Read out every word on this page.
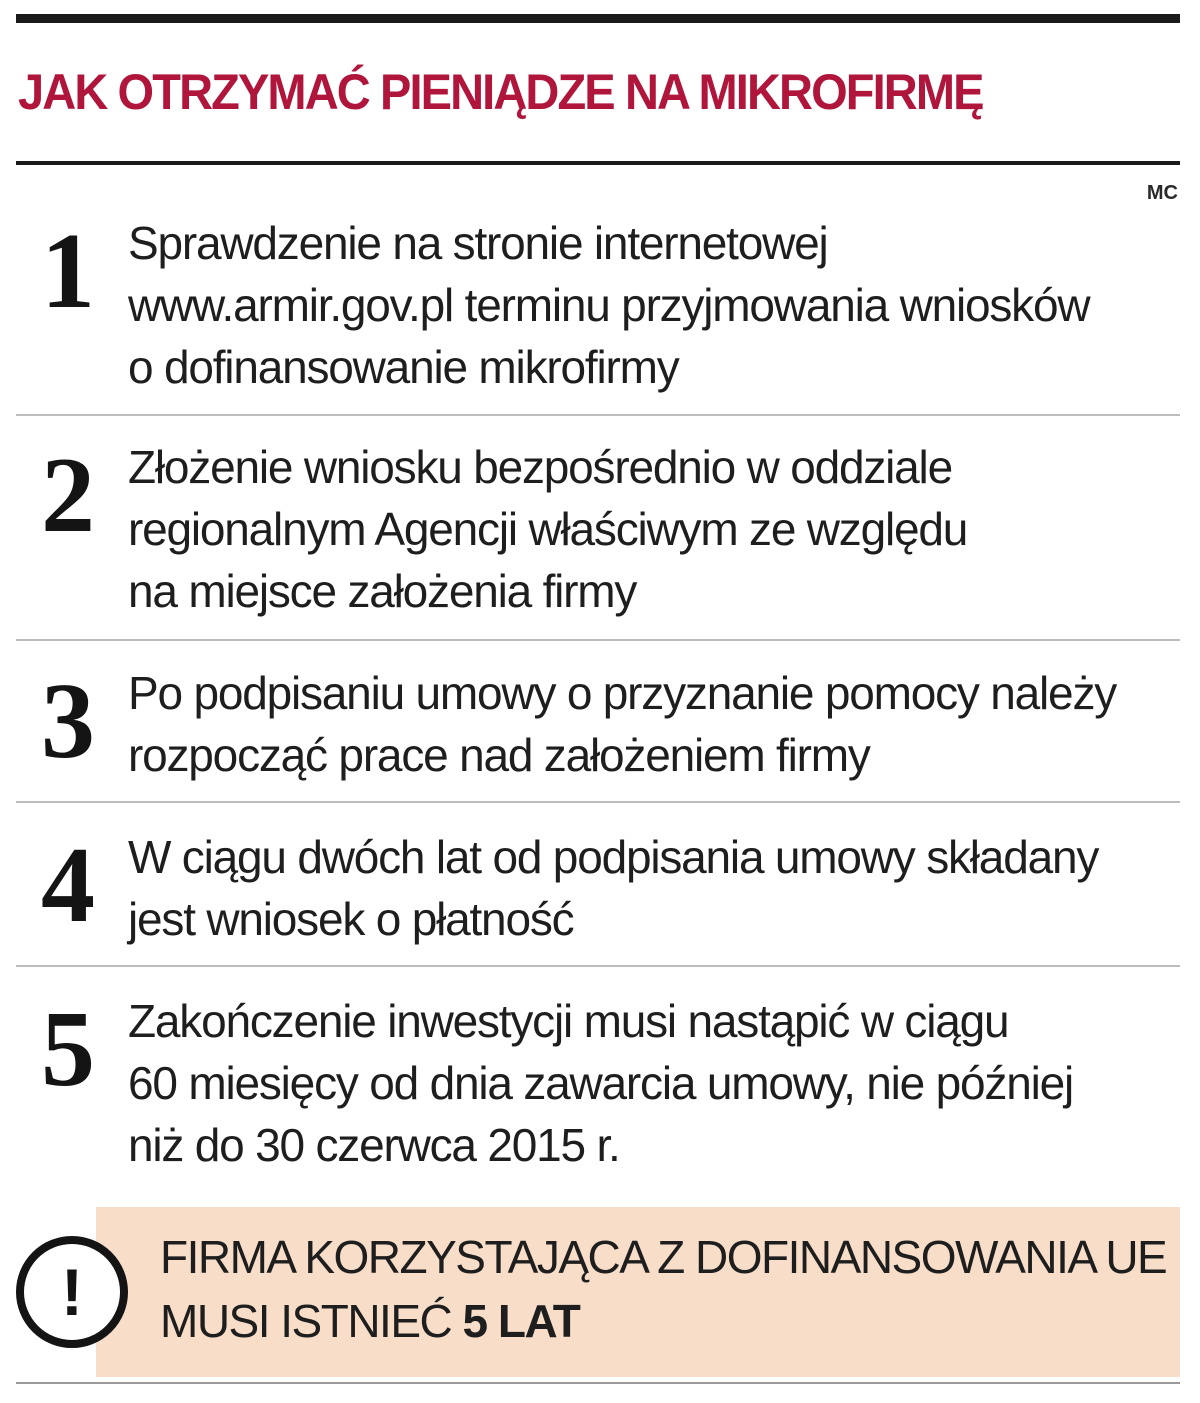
JAK OTRZYMAĆ PIENIĄDZE NA MIKROFIRMĘ
MC
1 Sprawdzenie na stronie internetowej
www.armir.gov.pl terminu przyjmowania wniosków
o dofinansowanie mikrofirmy
2 Złożenie wniosku bezpośrednio w oddziale
regionalnym Agencji właściwym ze względu
na miejsce założenia firmy
3 Po podpisaniu umowy o przyznanie pomocy należy
rozpocząć prace nad założeniem firmy
4 W ciągu dwóch lat od podpisania umowy składany
jest wniosek o płatność
5 Zakończenie inwestycji musi nastąpić w ciągu
60 miesięcy od dnia zawarcia umowy, nie później
niż do 30 czerwca 2015 r.
!	FIRMA KORZYSTAJĄCA Z DOFINANSOWANIA UE
MUSI ISTNIEĆ 5 LAT
